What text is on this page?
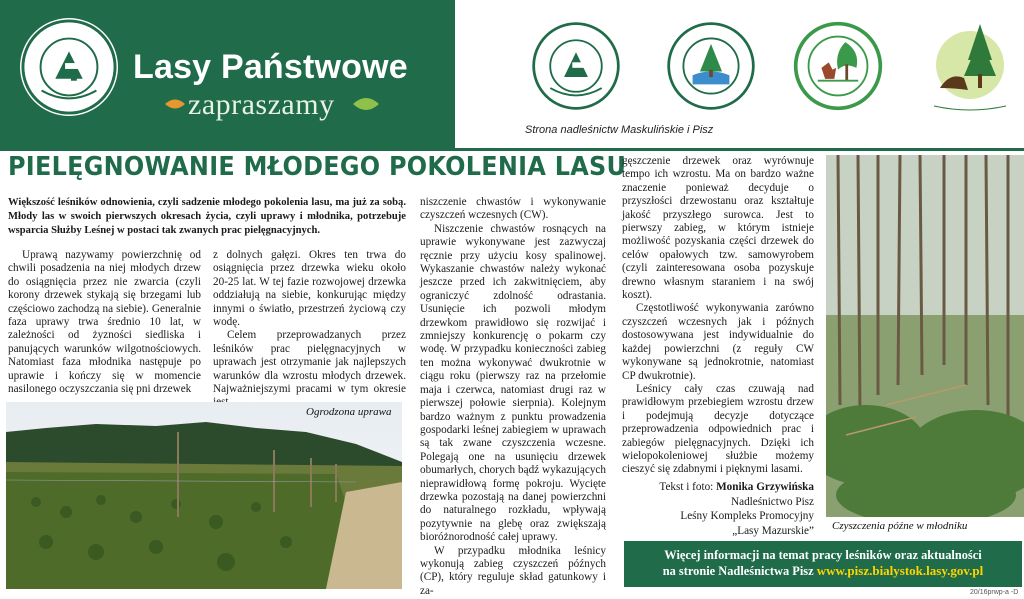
Lasy Państwowe
zapraszamy
Strona nadleśnictw Maskulińskie i Pisz
PIELĘGNOWANIE MŁODEGO POKOLENIA LASU
Większość leśników odnowienia, czyli sadzenie młodego pokolenia lasu, ma już za sobą. Młody las w swoich pierwszych okresach życia, czyli uprawy i młodnika, potrzebuje wsparcia Służby Leśnej w postaci tak zwanych prac pielęgnacyjnych.

Uprawą nazywamy powierzchnię od chwili posadzenia na niej młodych drzew do osiągnięcia przez nie zwarcia (czyli korony drzewek stykają się brzegami lub częściowo zachodzą na siebie). Generalnie faza uprawy trwa średnio 10 lat, w zależności od żyzności siedliska i panujących warunków wilgotnościowych. Natomiast faza młodnika następuje po uprawie i kończy się w momencie nasilonego oczyszczania się pni drzewek

z dolnych gałęzi. Okres ten trwa do osiągnięcia przez drzewka wieku około 20-25 lat. W tej fazie rozwojowej drzewka oddziałują na siebie, konkurując między innymi o światło, przestrzeń życiową czy wodę.

Celem przeprowadzanych przez leśników prac pielęgnacyjnych w uprawach jest otrzymanie jak najlepszych warunków dla wzrostu młodych drzewek. Najważniejszymi pracami w tym okresie

niszczenie chwastów i wykonywanie czyszczeń wczesnych (CW).

Niszczenie chwastów rosnących na uprawie wykonywane jest zazwyczaj ręcznie przy użyciu kosy spalinowej. Wykaszanie chwastów należy wykonać jeszcze przed ich zakwitnięciem, aby ograniczyć zdolność odrastania. Usunięcie ich pozwoli młodym drzewkom prawidłowo się rozwijać i zmniejszy konkurencję o pokarm czy wodę. W przypadku konieczności zabieg ten można wykonywać dwukrotnie w ciągu roku (pierwszy raz na przełomie maja i czerwca, natomiast drugi raz w pierwszej połowie sierpnia). Kolejnym bardzo ważnym z punktu prowadzenia gospodarki leśnej zabiegiem w uprawach są tak zwane czyszczenia wczesne. Polegają one na usunięciu drzewek obumarłych, chorych bądź wykazujących nieprawidłową formę pokroju. Wycięte drzewka pozostają na danej powierzchni do naturalnego rozkładu, wpływają pozytywnie na glebę oraz zwiększają bioróżnorodność całej uprawy.

W przypadku młodnika leśnicy wykonują zabieg czyszczeń późnych (CP), który reguluje skład gatunkowy i za-

gęszczenie drzewek oraz wyrównuje tempo ich wzrostu. Ma on bardzo ważne znaczenie ponieważ decyduje o przyszłości drzewostanu oraz kształtuje jakość przyszłego surowca. Jest to pierwszy zabieg, w którym istnieje możliwość pozyskania części drzewek do celów opałowych tzw. samowyrobem (czyli zainteresowana osoba pozyskuje drewno własnym staraniem i na swój koszt).

Częstotliwość wykonywania zarówno czyszczeń wczesnych jak i późnych dostosowywana jest indywidualnie do każdej powierzchni (z reguły CW wykonywane są jednokrotnie, natomiast CP dwukrotnie).

Leśnicy cały czas czuwają nad prawidłowym przebiegiem wzrostu drzew i podejmują decyzje dotyczące przeprowadzenia odpowiednich prac i zabiegów pielęgnacyjnych. Dzięki ich wielopokoleniowej służbie możemy cieszyć się zdabnymi i pięknymi lasami.

Tekst i foto: Monika Grzywińska
Nadleśnictwo Pisz
Leśny Kompleks Promocyjny
„Lasy Mazurskie”
Ogrodzona uprawa
Czyszczenia późne w młodniku
Więcej informacji na temat pracy leśników oraz aktualności
na stronie Nadleśnictwa Pisz www.pisz.bialystok.lasy.gov.pl
20/16prwp-a -D
